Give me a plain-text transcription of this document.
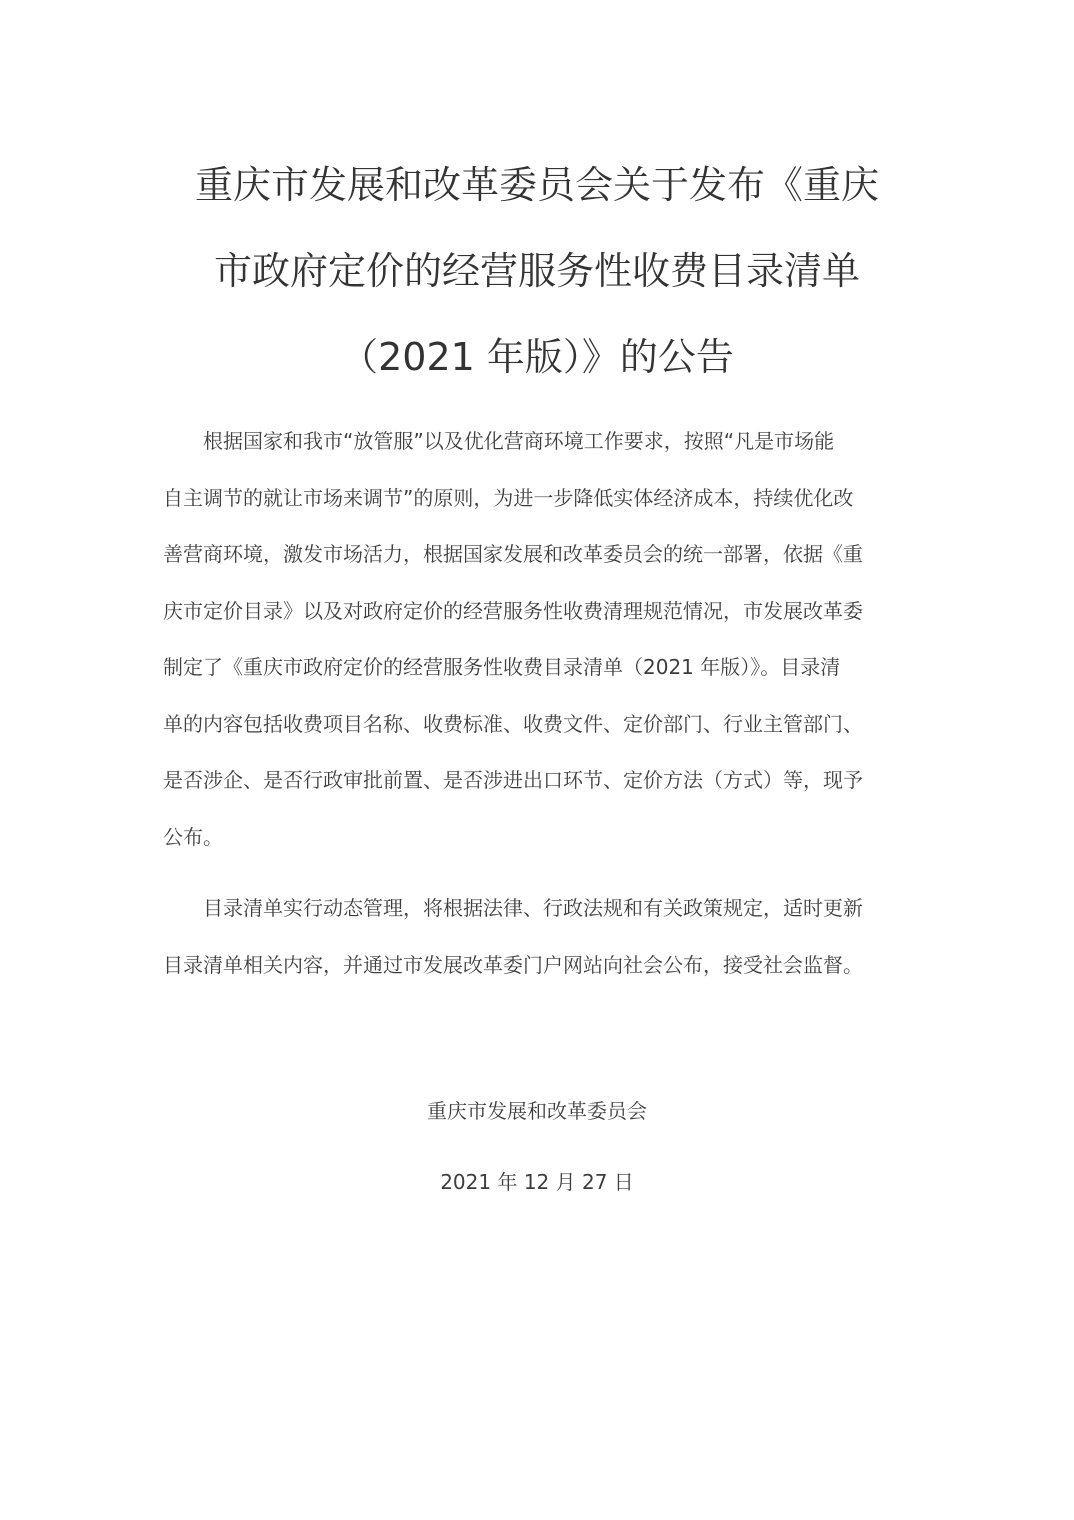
重庆市发展和改革委员会关于发布《重庆
市政府定价的经营服务性收费目录清单
（2021 年版）》的公告
　　根据国家和我市“放管服”以及优化营商环境工作要求，按照“凡是市场能
自主调节的就让市场来调节”的原则，为进一步降低实体经济成本，持续优化改
善营商环境，激发市场活力，根据国家发展和改革委员会的统一部署，依据《重
庆市定价目录》以及对政府定价的经营服务性收费清理规范情况，市发展改革委
制定了《重庆市政府定价的经营服务性收费目录清单（2021 年版）》。目录清
单的内容包括收费项目名称、收费标准、收费文件、定价部门、行业主管部门、
是否涉企、是否行政审批前置、是否涉进出口环节、定价方法（方式）等，现予
公布。
　　目录清单实行动态管理，将根据法律、行政法规和有关政策规定，适时更新
目录清单相关内容，并通过市发展改革委门户网站向社会公布，接受社会监督。

重庆市发展和改革委员会

2021 年 12 月 27 日
